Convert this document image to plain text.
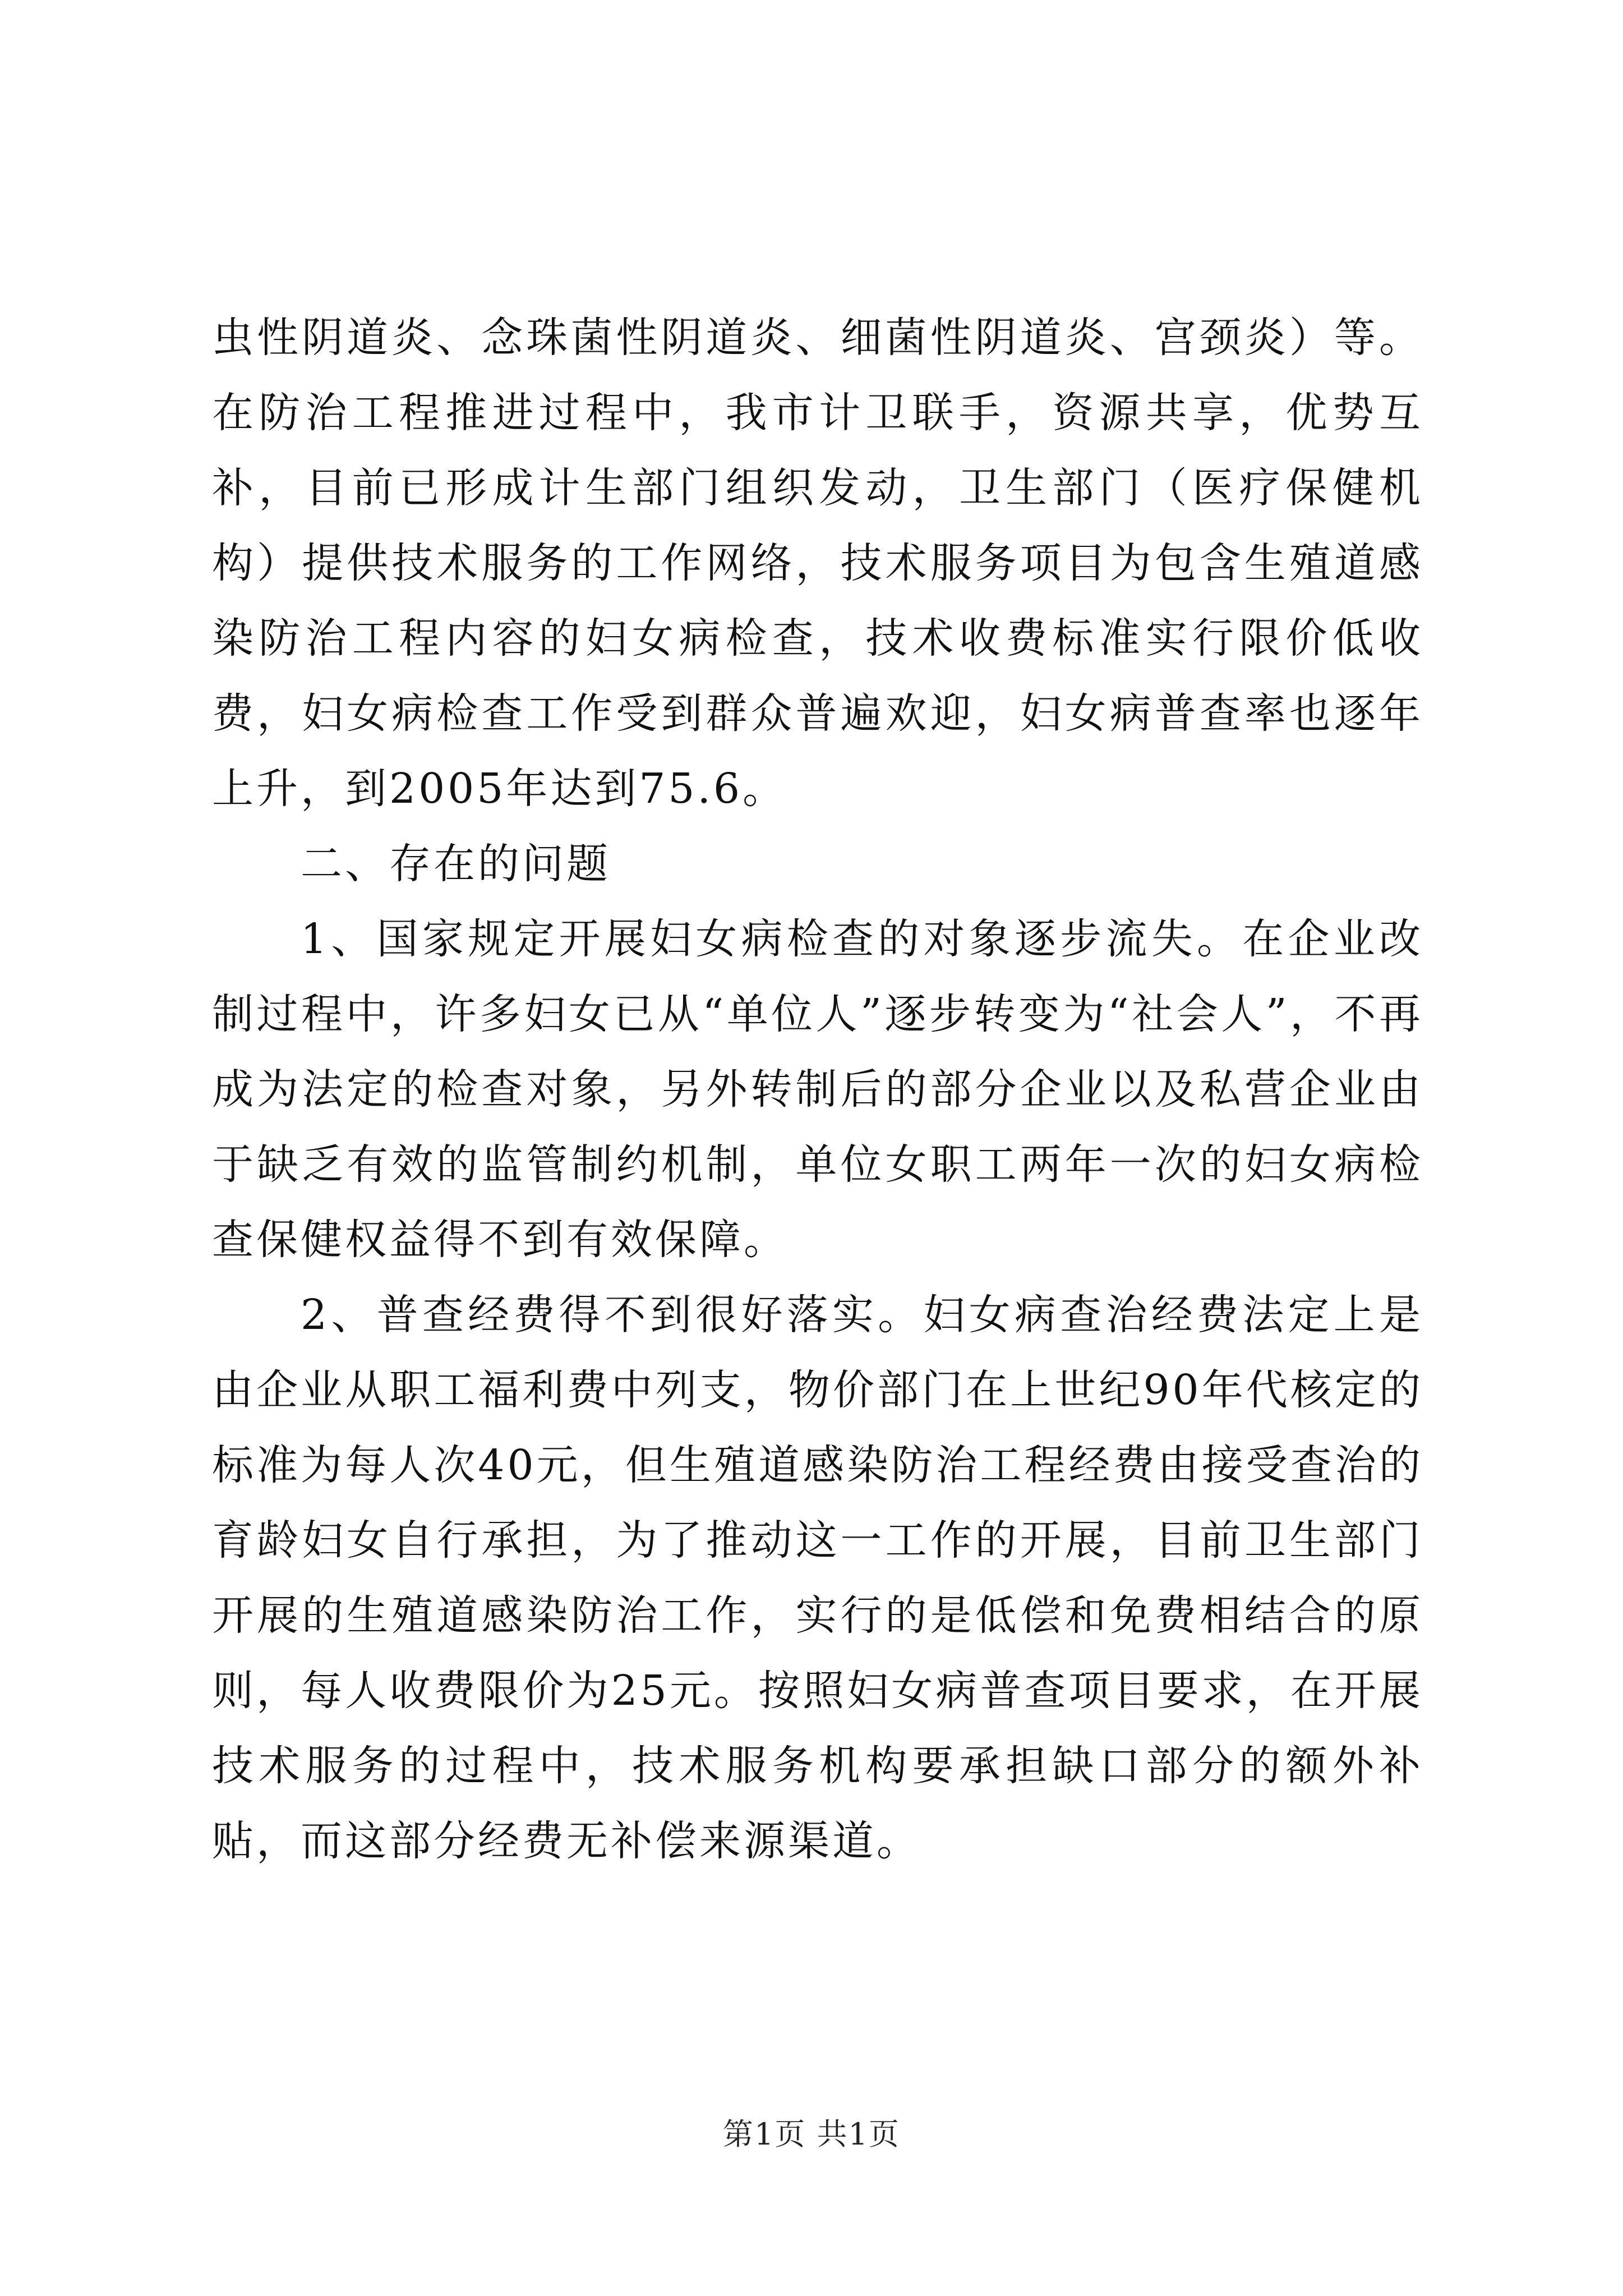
虫性阴道炎、念珠菌性阴道炎、细菌性阴道炎、宫颈炎）等。在防治工程推进过程中，我市计卫联手，资源共享，优势互补，目前已形成计生部门组织发动，卫生部门（医疗保健机构）提供技术服务的工作网络，技术服务项目为包含生殖道感染防治工程内容的妇女病检查，技术收费标准实行限价低收费，妇女病检查工作受到群众普遍欢迎，妇女病普查率也逐年上升，到2005年达到75.6。

二、存在的问题

1、国家规定开展妇女病检查的对象逐步流失。在企业改制过程中，许多妇女已从“单位人”逐步转变为“社会人”，不再成为法定的检查对象，另外转制后的部分企业以及私营企业由于缺乏有效的监管制约机制，单位女职工两年一次的妇女病检查保健权益得不到有效保障。

2、普查经费得不到很好落实。妇女病查治经费法定上是由企业从职工福利费中列支，物价部门在上世纪90年代核定的标准为每人次40元，但生殖道感染防治工程经费由接受查治的育龄妇女自行承担，为了推动这一工作的开展，目前卫生部门开展的生殖道感染防治工作，实行的是低偿和免费相结合的原则，每人收费限价为25元。按照妇女病普查项目要求，在开展技术服务的过程中，技术服务机构要承担缺口部分的额外补贴，而这部分经费无补偿来源渠道。

第1页 共1页
